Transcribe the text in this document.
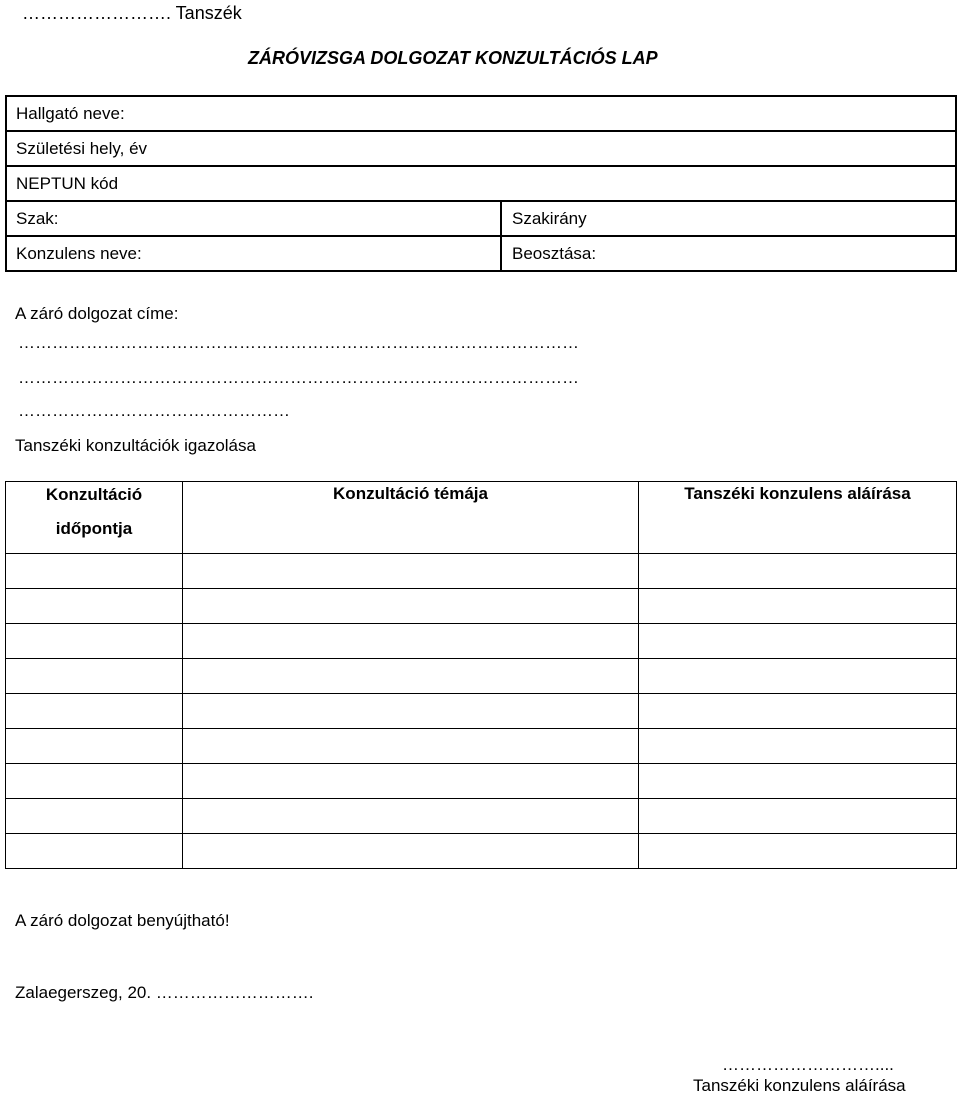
……………………. Tanszék
ZÁRÓVIZSGA DOLGOZAT KONZULTÁCIÓS LAP
Hallgató neve:	
Születési hely, év	
NEPTUN kód	
Szak:	Szakirány
Konzulens neve:	Beosztása:
A záró dolgozat címe:
………………………………………………………………………………………
………………………………………………………………………………………
…………………………………………
Tanszéki konzultációk igazolása
Konzultáció
időpontja	Konzultáció témája	Tanszéki konzulens aláírása

A záró dolgozat benyújtható!
Zalaegerszeg, 20. ……………………….
………………………....
Tanszéki konzulens aláírása
